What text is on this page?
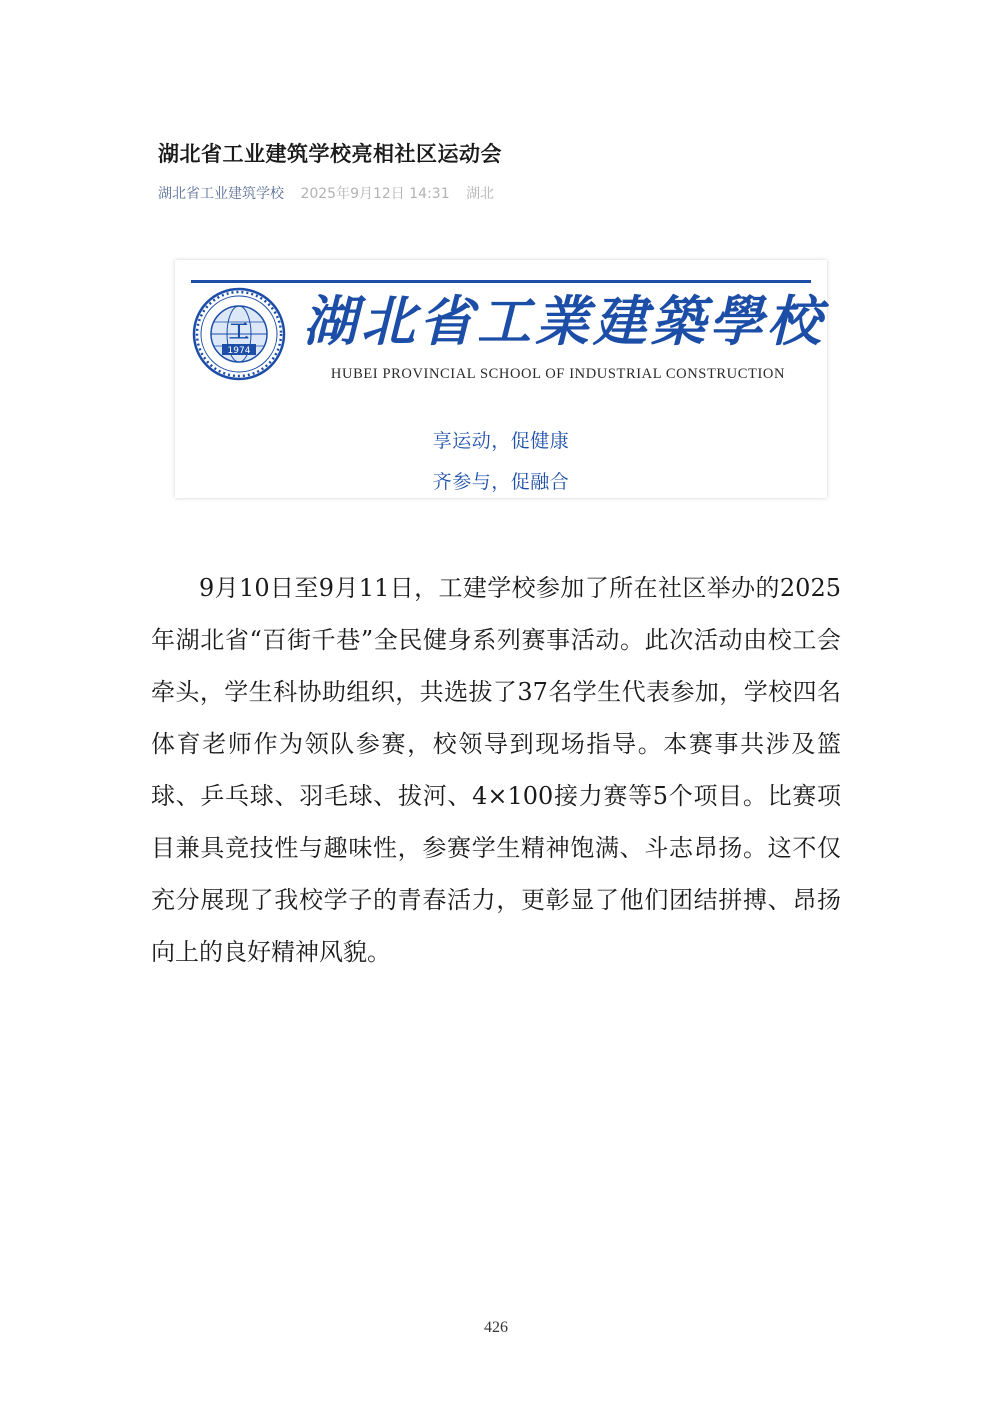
湖北省工业建筑学校亮相社区运动会
湖北省工业建筑学校 2025年9月12日 14:31 湖北
工
1974 湖北省工業建築學校
HUBEI PROVINCIAL SCHOOL OF INDUSTRIAL CONSTRUCTION
享运动，促健康
齐参与，促融合

9月10日至9月11日，工建学校参加了所在社区举办的2025年湖北省“百街千巷”全民健身系列赛事活动。此次活动由校工会牵头，学生科协助组织，共选拔了37名学生代表参加，学校四名体育老师作为领队参赛，校领导到现场指导。本赛事共涉及篮球、乒乓球、羽毛球、拔河、4×100接力赛等5个项目。比赛项目兼具竞技性与趣味性，参赛学生精神饱满、斗志昂扬。这不仅充分展现了我校学子的青春活力，更彰显了他们团结拼搏、昂扬向上的良好精神风貌。

426
